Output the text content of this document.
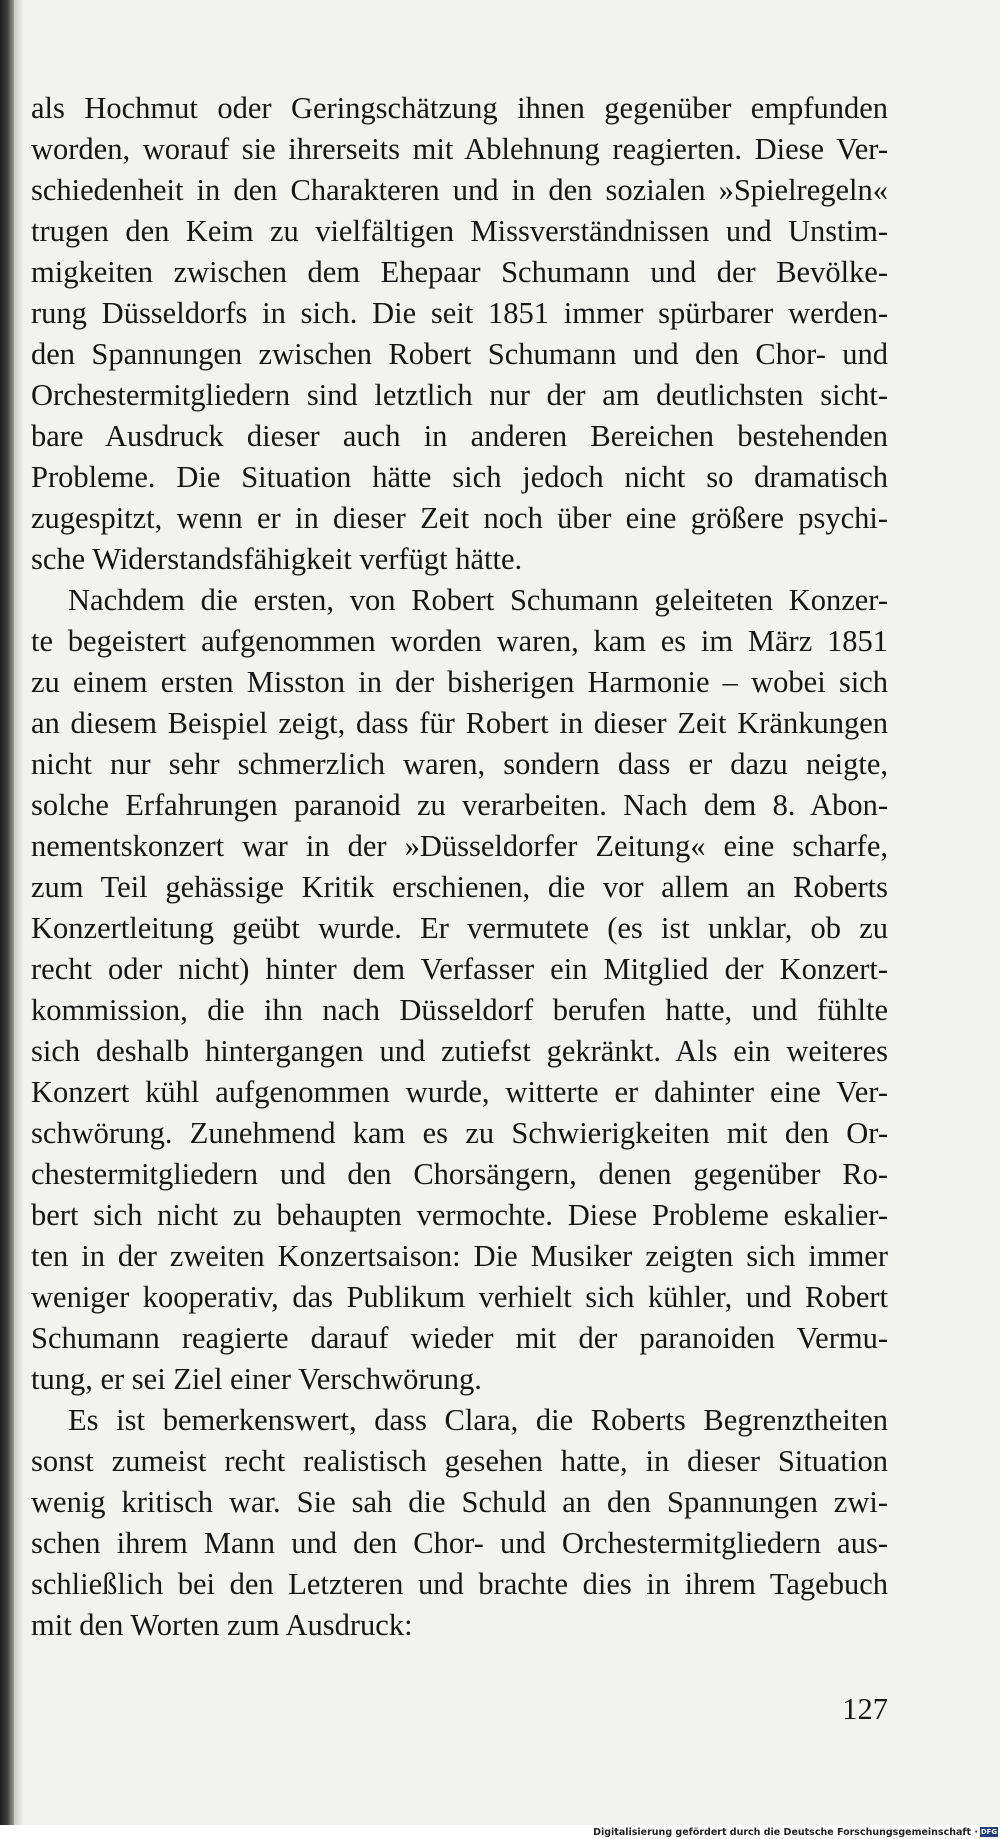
als Hochmut oder Geringschätzung ihnen gegenüber empfunden
worden, worauf sie ihrerseits mit Ablehnung reagierten. Diese Ver-
schiedenheit in den Charakteren und in den sozialen »Spielregeln«
trugen den Keim zu vielfältigen Missverständnissen und Unstim-
migkeiten zwischen dem Ehepaar Schumann und der Bevölke-
rung Düsseldorfs in sich. Die seit 1851 immer spürbarer werden-
den Spannungen zwischen Robert Schumann und den Chor- und
Orchestermitgliedern sind letztlich nur der am deutlichsten sicht-
bare Ausdruck dieser auch in anderen Bereichen bestehenden
Probleme. Die Situation hätte sich jedoch nicht so dramatisch
zugespitzt, wenn er in dieser Zeit noch über eine größere psychi-
sche Widerstandsfähigkeit verfügt hätte.
Nachdem die ersten, von Robert Schumann geleiteten Konzer-
te begeistert aufgenommen worden waren, kam es im März 1851
zu einem ersten Misston in der bisherigen Harmonie – wobei sich
an diesem Beispiel zeigt, dass für Robert in dieser Zeit Kränkungen
nicht nur sehr schmerzlich waren, sondern dass er dazu neigte,
solche Erfahrungen paranoid zu verarbeiten. Nach dem 8. Abon-
nementskonzert war in der »Düsseldorfer Zeitung« eine scharfe,
zum Teil gehässige Kritik erschienen, die vor allem an Roberts
Konzertleitung geübt wurde. Er vermutete (es ist unklar, ob zu
recht oder nicht) hinter dem Verfasser ein Mitglied der Konzert-
kommission, die ihn nach Düsseldorf berufen hatte, und fühlte
sich deshalb hintergangen und zutiefst gekränkt. Als ein weiteres
Konzert kühl aufgenommen wurde, witterte er dahinter eine Ver-
schwörung. Zunehmend kam es zu Schwierigkeiten mit den Or-
chestermitgliedern und den Chorsängern, denen gegenüber Ro-
bert sich nicht zu behaupten vermochte. Diese Probleme eskalier-
ten in der zweiten Konzertsaison: Die Musiker zeigten sich immer
weniger kooperativ, das Publikum verhielt sich kühler, und Robert
Schumann reagierte darauf wieder mit der paranoiden Vermu-
tung, er sei Ziel einer Verschwörung.
Es ist bemerkenswert, dass Clara, die Roberts Begrenztheiten
sonst zumeist recht realistisch gesehen hatte, in dieser Situation
wenig kritisch war. Sie sah die Schuld an den Spannungen zwi-
schen ihrem Mann und den Chor- und Orchestermitgliedern aus-
schließlich bei den Letzteren und brachte dies in ihrem Tagebuch
mit den Worten zum Ausdruck:
127
Digitalisierung gefördert durch die Deutsche Forschungsgemeinschaft · DFG
